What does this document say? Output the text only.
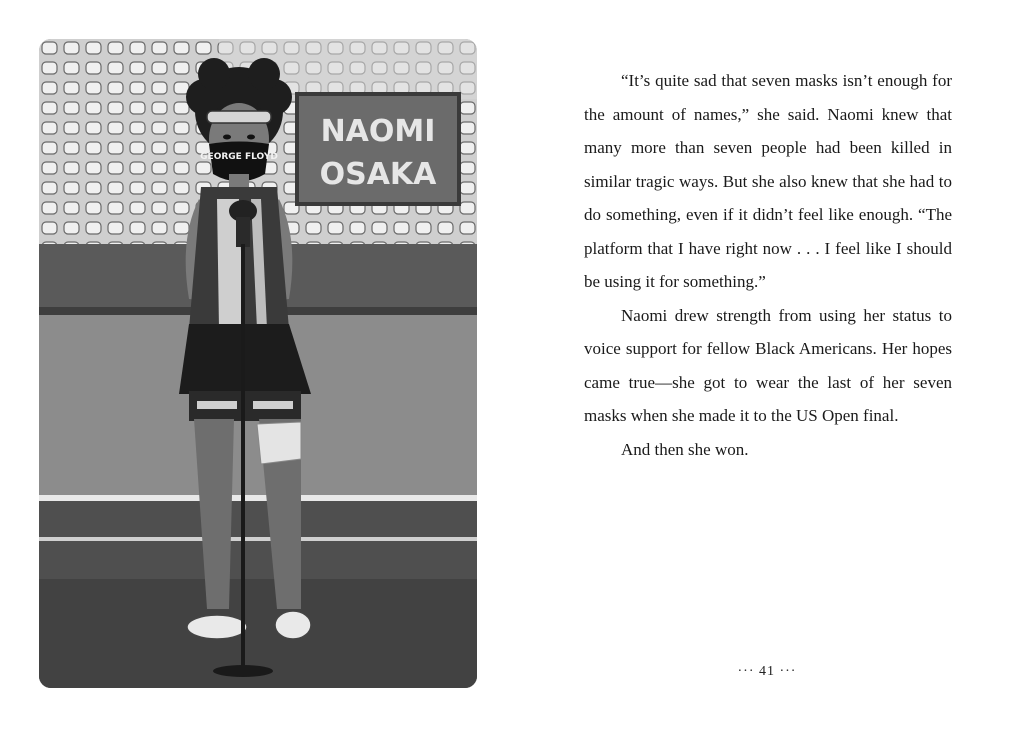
NAOMI
OSAKA
GEORGE FLOYD

“It’s quite sad that seven masks isn’t enough for the amount of names,” she said. Naomi knew that many more than seven people had been killed in similar tragic ways. But she also knew that she had to do something, even if it didn’t feel like enough. “The platform that I have right now . . . I feel like I should be using it for something.”

Naomi drew strength from using her status to voice support for fellow Black Americans. Her hopes came true—she got to wear the last of her seven masks when she made it to the US Open final.

And then she won.

··· 41 ···
